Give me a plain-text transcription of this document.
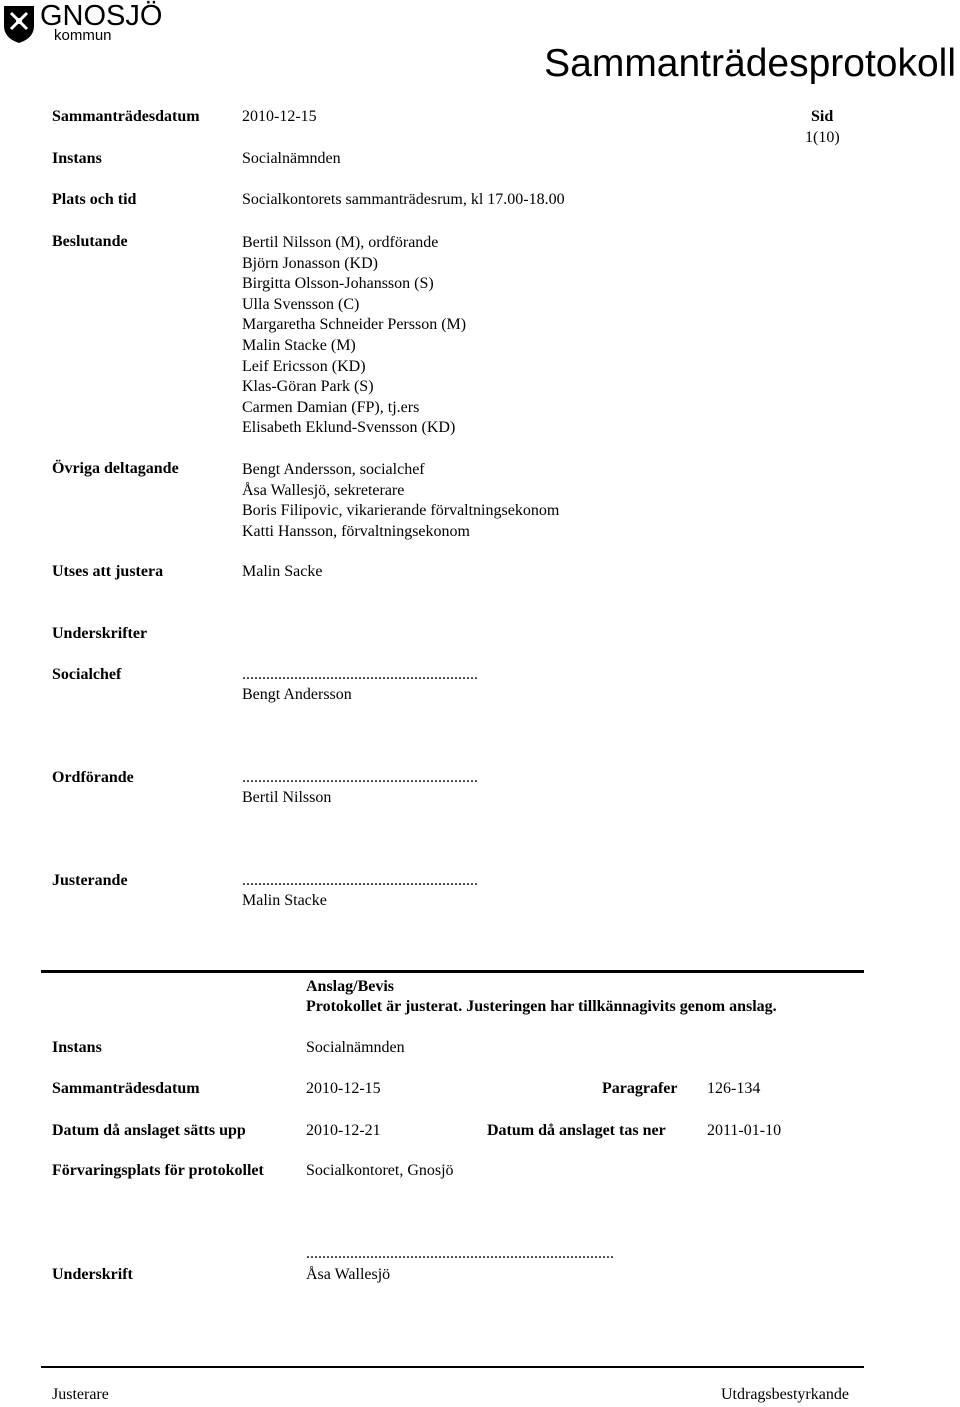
GNOSJÖ
kommun
Sammanträdesprotokoll
Sammanträdesdatum	2010-12-15	Sid
1(10)
Instans	Socialnämnden
Plats och tid	Socialkontorets sammanträdesrum, kl 17.00-18.00
Beslutande	Bertil Nilsson (M), ordförande
Björn Jonasson (KD)
Birgitta Olsson-Johansson (S)
Ulla Svensson (C)
Margaretha Schneider Persson (M)
Malin Stacke (M)
Leif Ericsson (KD)
Klas-Göran Park (S)
Carmen Damian (FP), tj.ers
Elisabeth Eklund-Svensson (KD)
Övriga deltagande	Bengt Andersson, socialchef
Åsa Wallesjö, sekreterare
Boris Filipovic, vikarierande förvaltningsekonom
Katti Hansson, förvaltningsekonom
Utses att justera	Malin Sacke
Underskrifter
Socialchef	...........................................................
Bengt Andersson
Ordförande	...........................................................
Bertil Nilsson
Justerande	...........................................................
Malin Stacke
Anslag/Bevis
Protokollet är justerat. Justeringen har tillkännagivits genom anslag.
Instans	Socialnämnden
Sammanträdesdatum	2010-12-15	Paragrafer 126-134
Datum då anslaget sätts upp	2010-12-21	Datum då anslaget tas ner	2011-01-10
Förvaringsplats för protokollet	Socialkontoret, Gnosjö
.............................................................................
Underskrift	Åsa Wallesjö
Justerare	Utdragsbestyrkande
